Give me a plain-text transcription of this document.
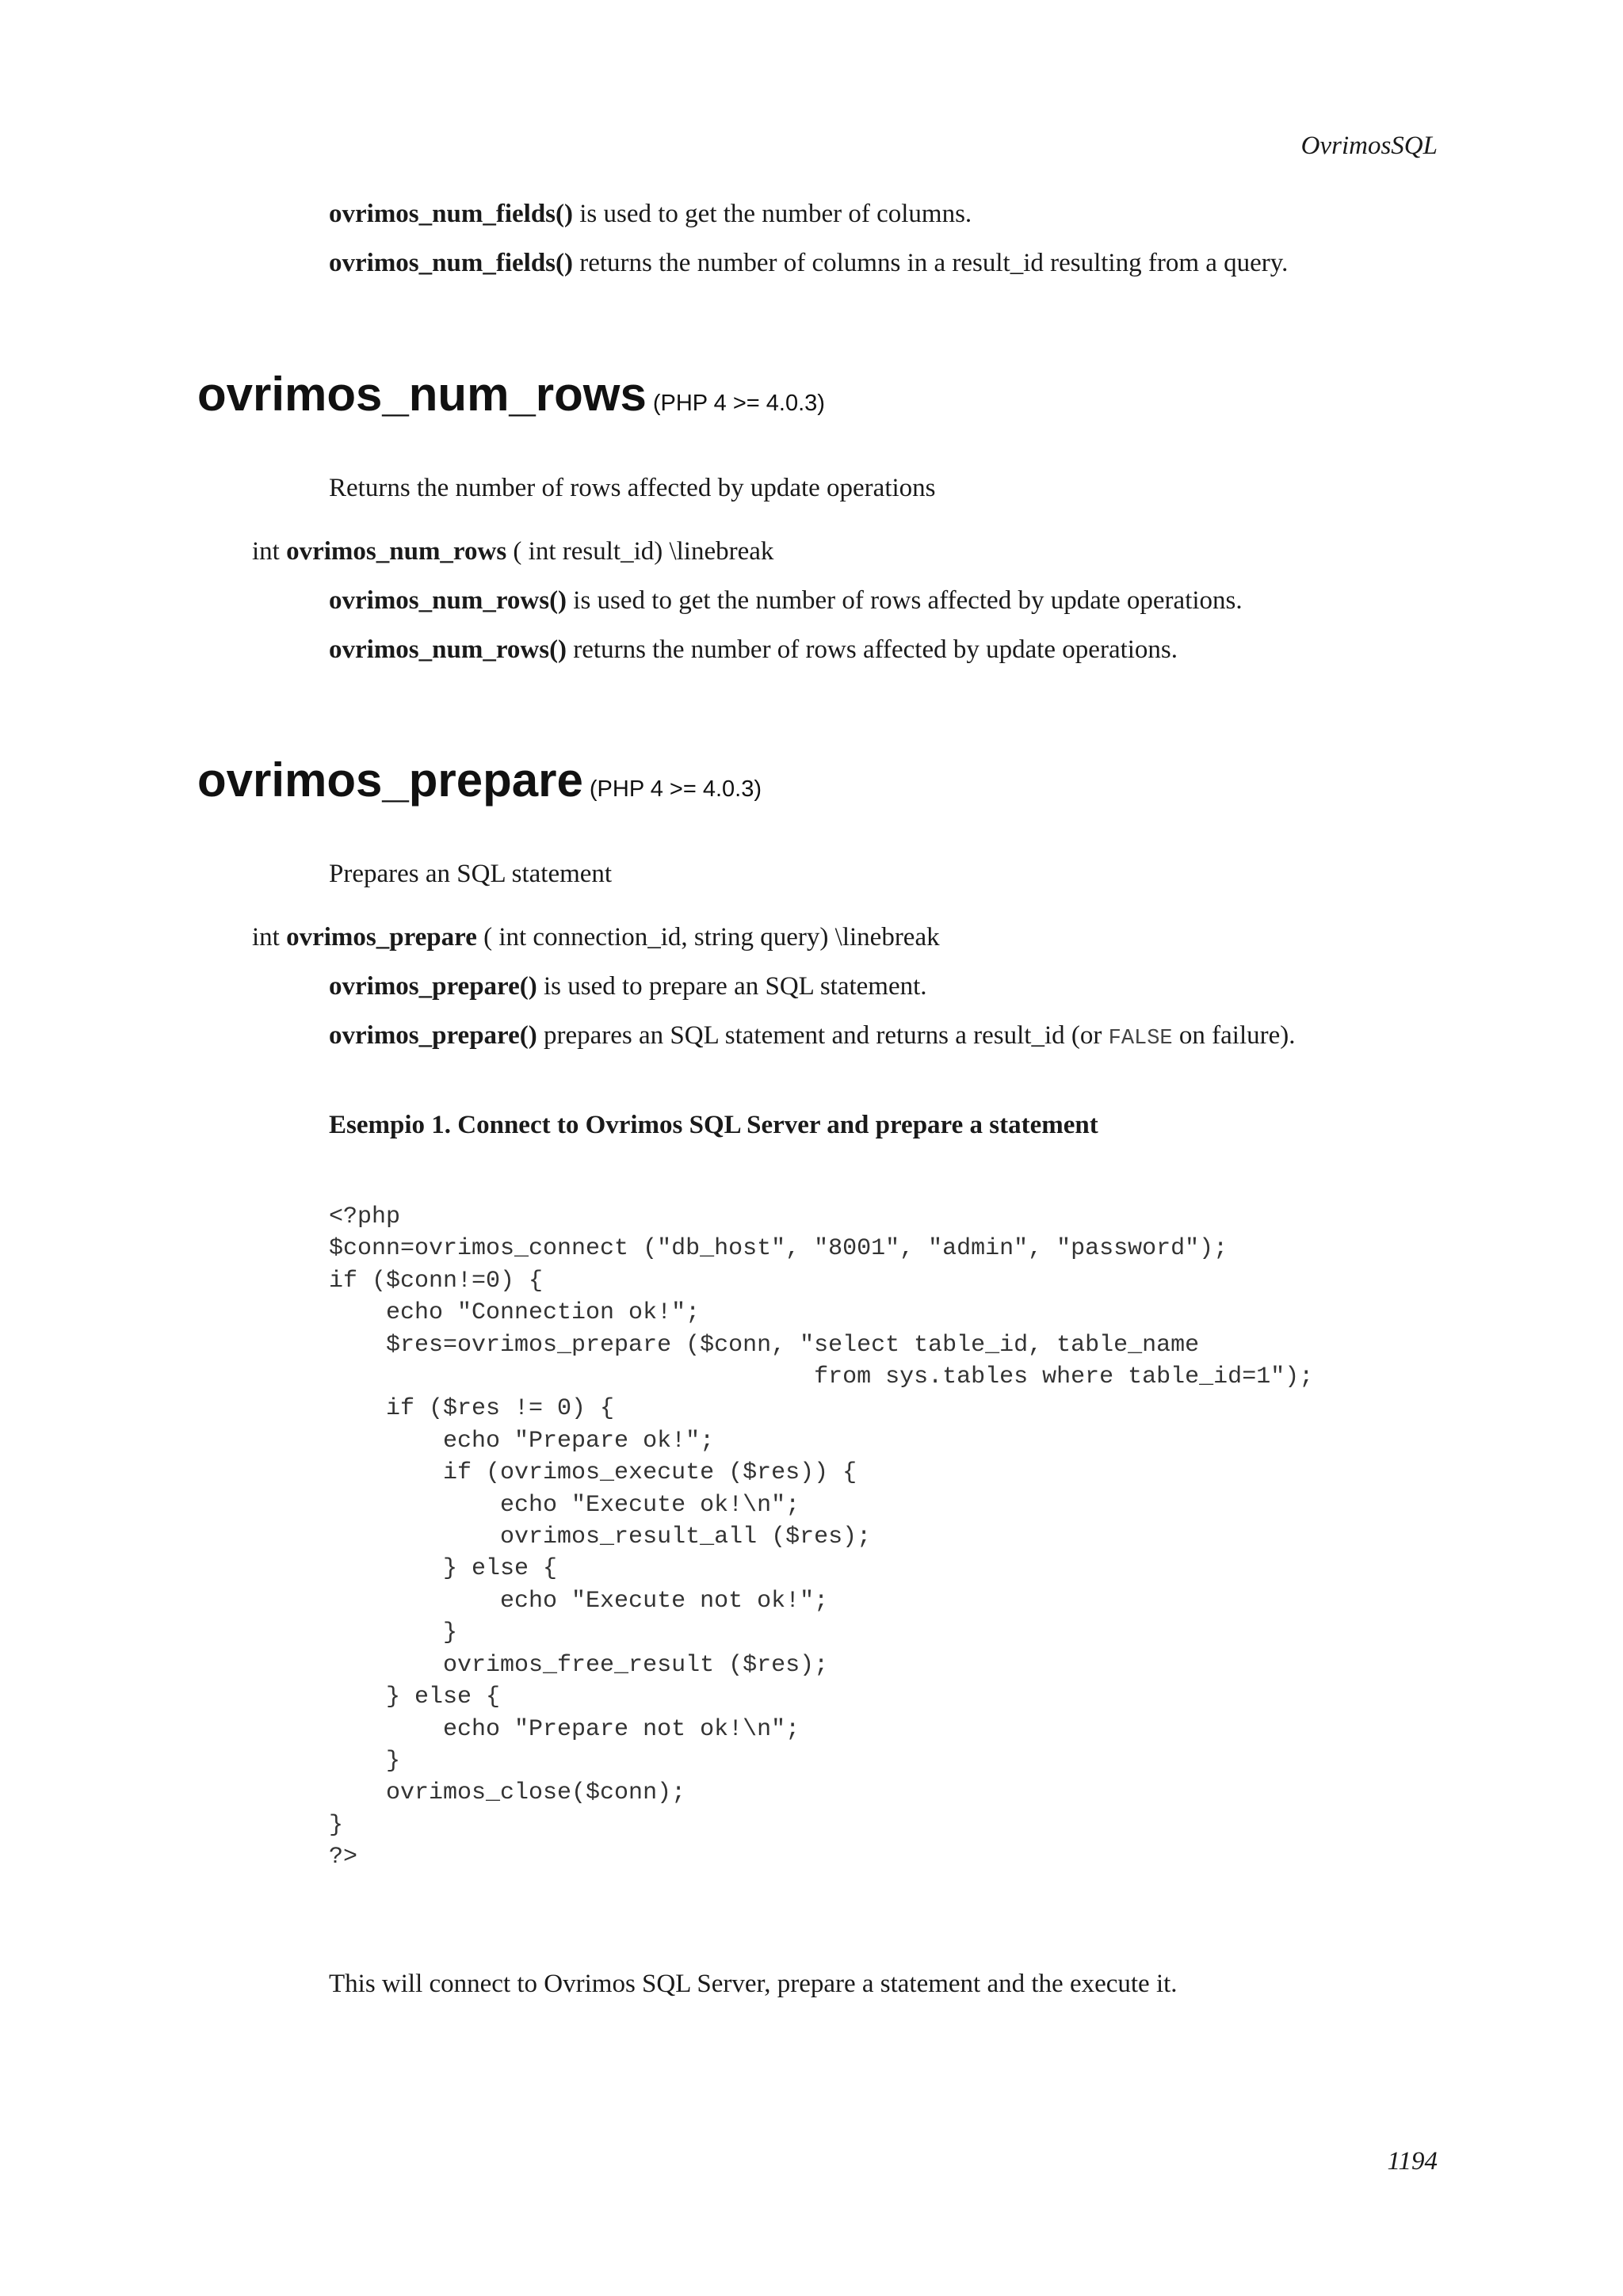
OvrimosSQL
ovrimos_num_fields() is used to get the number of columns.
ovrimos_num_fields() returns the number of columns in a result_id resulting from a query.
ovrimos_num_rows (PHP 4 >= 4.0.3)
Returns the number of rows affected by update operations
int ovrimos_num_rows ( int result_id) \linebreak
ovrimos_num_rows() is used to get the number of rows affected by update operations.
ovrimos_num_rows() returns the number of rows affected by update operations.
ovrimos_prepare (PHP 4 >= 4.0.3)
Prepares an SQL statement
int ovrimos_prepare ( int connection_id, string query) \linebreak
ovrimos_prepare() is used to prepare an SQL statement.
ovrimos_prepare() prepares an SQL statement and returns a result_id (or FALSE on failure).
Esempio 1. Connect to Ovrimos SQL Server and prepare a statement
<?php
$conn=ovrimos_connect ("db_host", "8001", "admin", "password");
if ($conn!=0) {
echo "Connection ok!";
$res=ovrimos_prepare ($conn, "select table_id, table_name
from sys.tables where table_id=1");
if ($res != 0) {
echo "Prepare ok!";
if (ovrimos_execute ($res)) {
echo "Execute ok!\n";
ovrimos_result_all ($res);
} else {
echo "Execute not ok!";
}
ovrimos_free_result ($res);
} else {
echo "Prepare not ok!\n";
}
ovrimos_close($conn);
}
?>
This will connect to Ovrimos SQL Server, prepare a statement and the execute it.
1194
